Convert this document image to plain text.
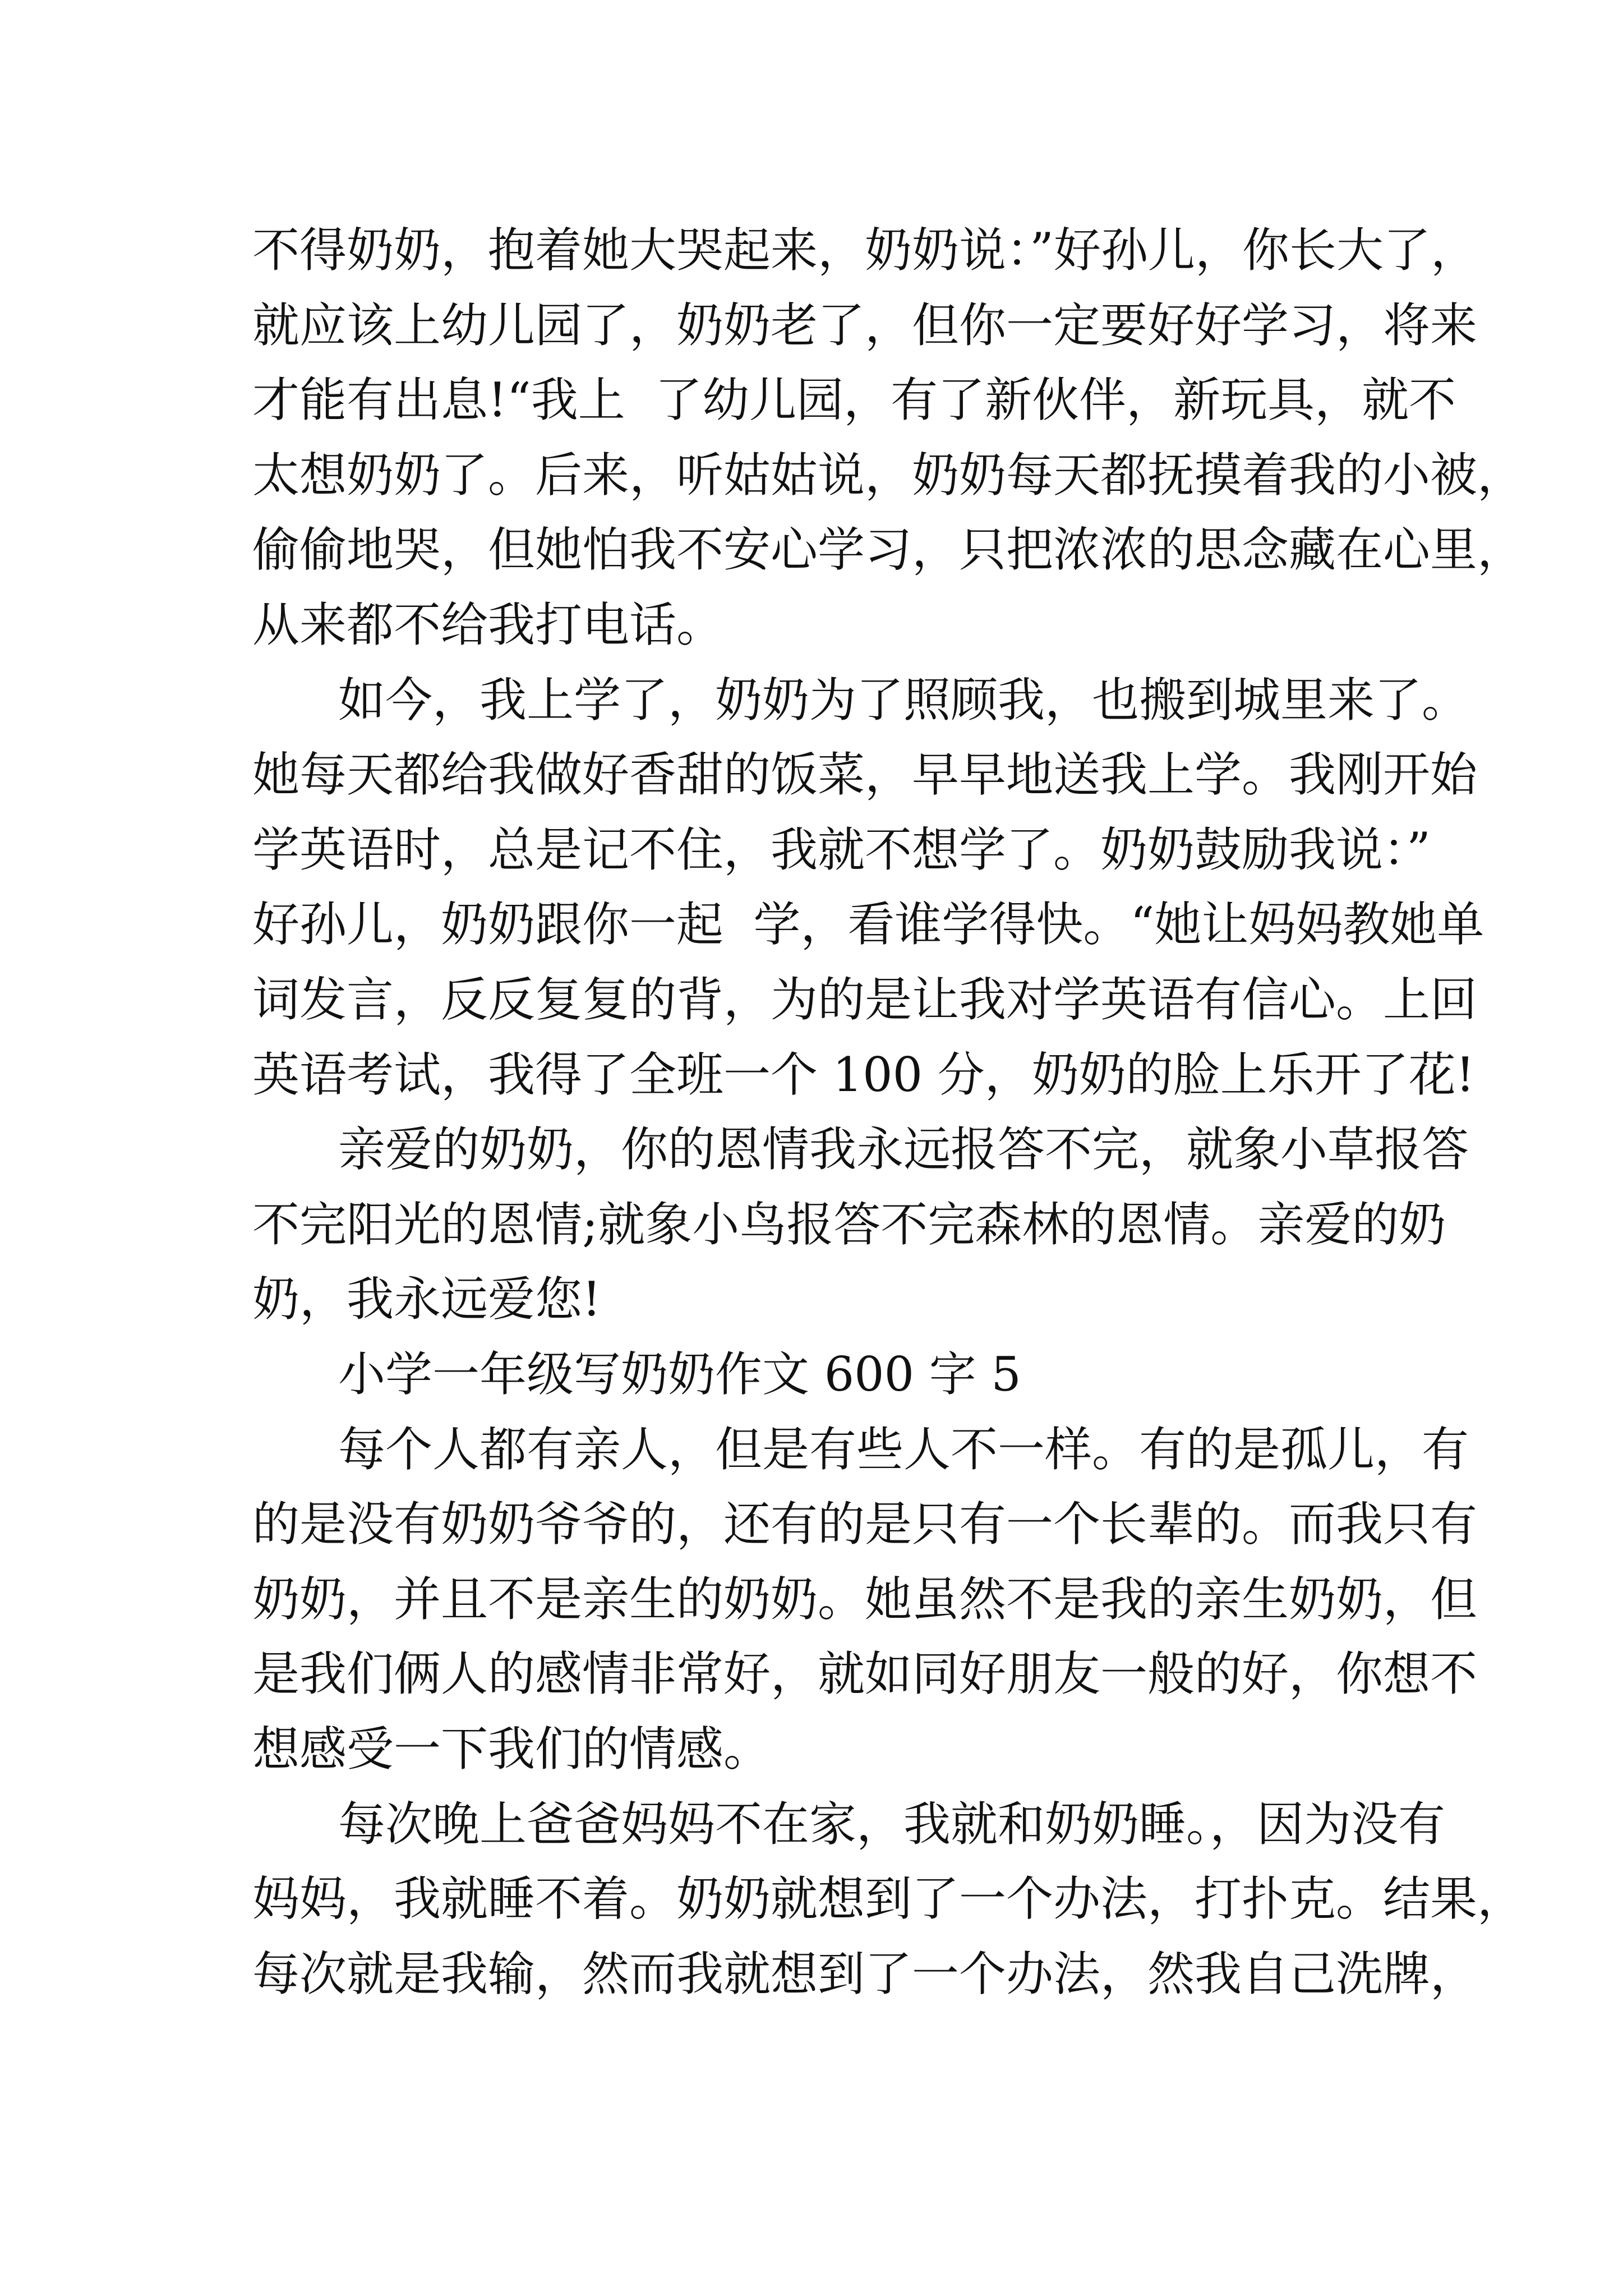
不得奶奶，抱着她大哭起来，奶奶说：”好孙儿，你长大了，

就应该上幼儿园了，奶奶老了，但你一定要好好学习，将来

才能有出息!“我上  了幼儿园，有了新伙伴，新玩具，就不

太想奶奶了。后来，听姑姑说，奶奶每天都抚摸着我的小被，

偷偷地哭，但她怕我不安心学习，只把浓浓的思念藏在心里，

从来都不给我打电话。

如今，我上学了，奶奶为了照顾我，也搬到城里来了。

她每天都给我做好香甜的饭菜，早早地送我上学。我刚开始

学英语时，总是记不住，我就不想学了。奶奶鼓励我说：”

好孙儿，奶奶跟你一起  学，看谁学得快。“她让妈妈教她单

词发言，反反复复的背，为的是让我对学英语有信心。上回

英语考试，我得了全班一个 100 分，奶奶的脸上乐开了花!

亲爱的奶奶，你的恩情我永远报答不完，就象小草报答

不完阳光的恩情;就象小鸟报答不完森林的恩情。亲爱的奶

奶，我永远爱您!

小学一年级写奶奶作文 600 字 5

每个人都有亲人，但是有些人不一样。有的是孤儿，有

的是没有奶奶爷爷的，还有的是只有一个长辈的。而我只有

奶奶，并且不是亲生的奶奶。她虽然不是我的亲生奶奶，但

是我们俩人的感情非常好，就如同好朋友一般的好，你想不

想感受一下我们的情感。

每次晚上爸爸妈妈不在家，我就和奶奶睡。，因为没有

妈妈，我就睡不着。奶奶就想到了一个办法，打扑克。结果，

每次就是我输，然而我就想到了一个办法，然我自己洗牌，
